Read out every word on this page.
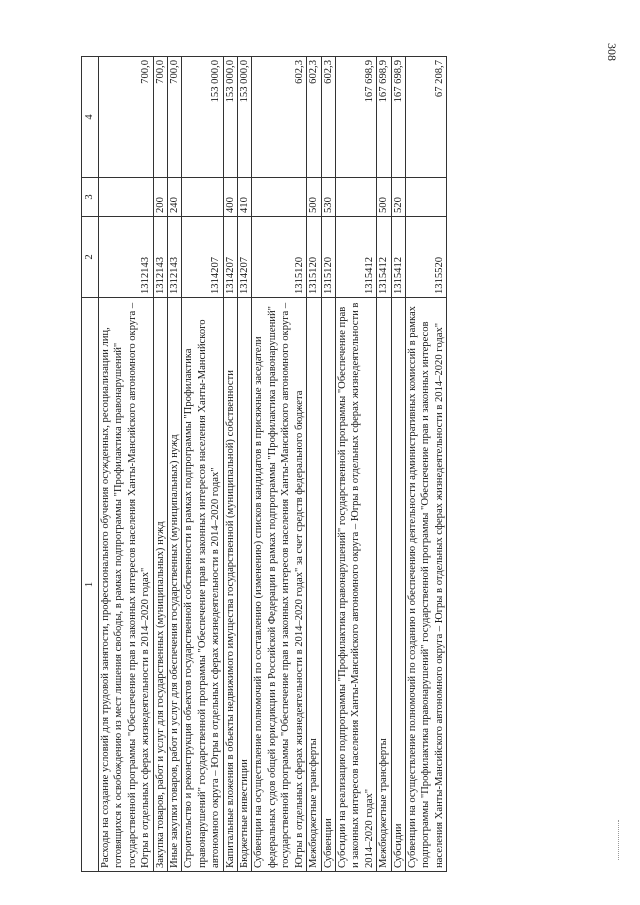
308
1	2	3	4
Расходы на создание условий для трудовой занятости, профессионального обучения осужденных, ресоциализации лиц, готовящихся к освобождению из мест лишения свободы, в рамках подпрограммы "Профилактика правонарушений" государственной программы "Обеспечение прав и законных интересов населения Ханты-Мансийского автономного округа – Югры в отдельных сферах жизнедеятельности в 2014–2020 годах"	1312143		700,0
Закупка товаров, работ и услуг для государственных (муниципальных) нужд	1312143	200	700,0
Иные закупки товаров, работ и услуг для обеспечения государственных (муниципальных) нужд	1312143	240	700,0
Строительство и реконструкция объектов государственной собственности в рамках подпрограммы "Профилактика правонарушений" государственной программы "Обеспечение прав и законных интересов населения Ханты-Мансийского автономного округа – Югры в отдельных сферах жизнедеятельности в 2014–2020 годах"	1314207		153 000,0
Капитальные вложения в объекты недвижимого имущества государственной (муниципальной) собственности	1314207	400	153 000,0
Бюджетные инвестиции	1314207	410	153 000,0
Субвенции на осуществление полномочий по составлению (изменению) списков кандидатов в присяжные заседатели федеральных судов общей юрисдикции в Российской Федерации в рамках подпрограммы "Профилактика правонарушений" государственной программы "Обеспечение прав и законных интересов населения Ханты-Мансийского автономного округа – Югры в отдельных сферах жизнедеятельности в 2014–2020 годах" за счет средств федерального бюджета	1315120		602,3
Межбюджетные трансферты	1315120	500	602,3
Субвенции	1315120	530	602,3
Субсидии на реализацию подпрограммы "Профилактика правонарушений" государственной программы "Обеспечение прав и законных интересов населения Ханты-Мансийского автономного округа – Югры в отдельных сферах жизнедеятельности в 2014–2020 годах"	1315412		167 698,9
Межбюджетные трансферты	1315412	500	167 698,9
Субсидии	1315412	520	167 698,9
Субвенции на осуществление полномочий по созданию и обеспечению деятельности административных комиссий в рамках подпрограммы "Профилактика правонарушений" государственной программы "Обеспечение прав и законных интересов населения Ханты-Мансийского автономного округа – Югры в отдельных сферах жизнедеятельности в 2014–2020 годах"	1315520		67 208,7
